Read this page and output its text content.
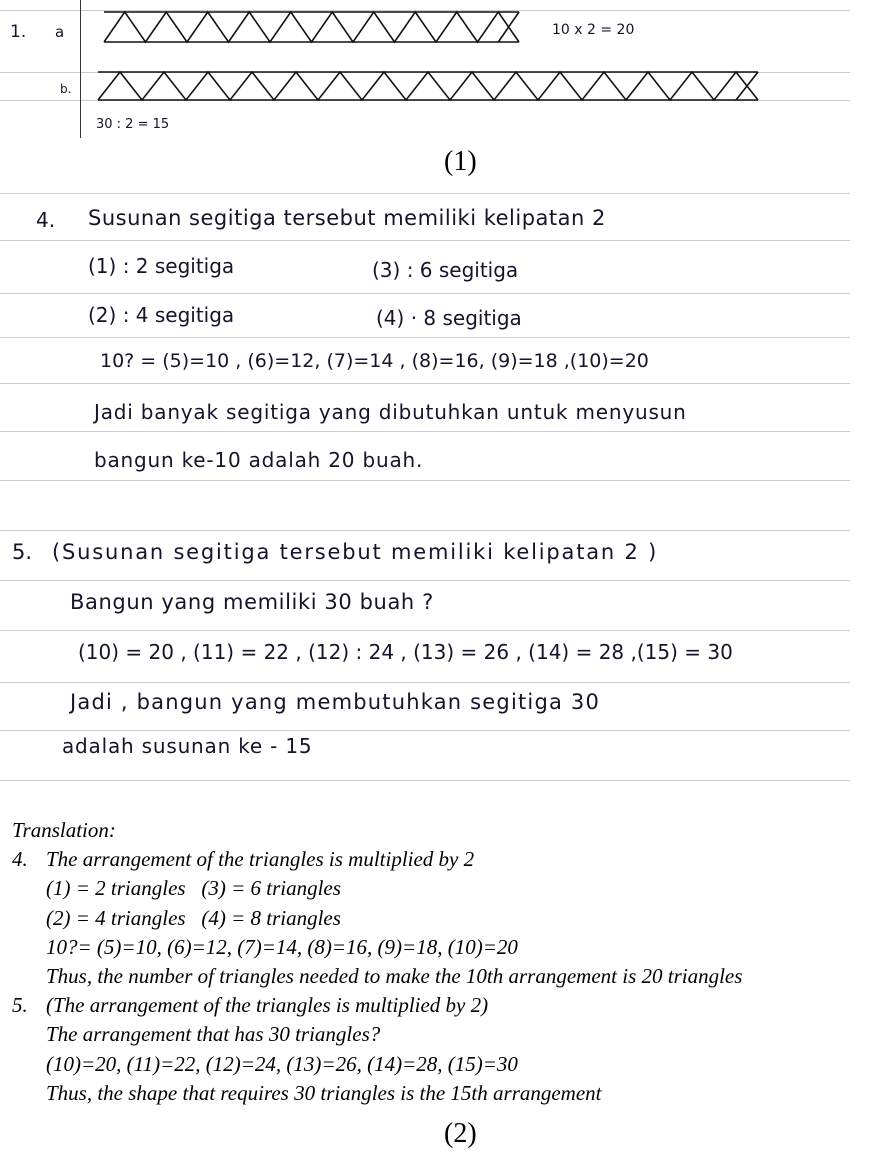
1. a
b.
10 x 2 = 20
30 : 2 = 15
(1)
4. Susunan segitiga tersebut memiliki kelipatan 2
(1) : 2 segitiga	(3) : 6 segitiga
(2) : 4 segitiga	(4) · 8 segitiga
10? = (5)=10 , (6)=12, (7)=14 , (8)=16, (9)=18 ,(10)=20
Jadi banyak segitiga yang dibutuhkan untuk menyusun
bangun ke-10 adalah 20 buah.
5. (Susunan segitiga tersebut memiliki kelipatan 2 )
Bangun yang memiliki 30 buah ?
(10) = 20 , (11) = 22 , (12) : 24 , (13) = 26 , (14) = 28 ,(15) = 30
Jadi , bangun yang membutuhkan segitiga 30
adalah susunan ke - 15
Translation:
4. The arrangement of the triangles is multiplied by 2
(1) = 2 triangles   (3) = 6 triangles
(2) = 4 triangles   (4) = 8 triangles
10?= (5)=10, (6)=12, (7)=14, (8)=16, (9)=18, (10)=20
Thus, the number of triangles needed to make the 10th arrangement is 20 triangles
5. (The arrangement of the triangles is multiplied by 2)
The arrangement that has 30 triangles?
(10)=20, (11)=22, (12)=24, (13)=26, (14)=28, (15)=30
Thus, the shape that requires 30 triangles is the 15th arrangement
(2)
